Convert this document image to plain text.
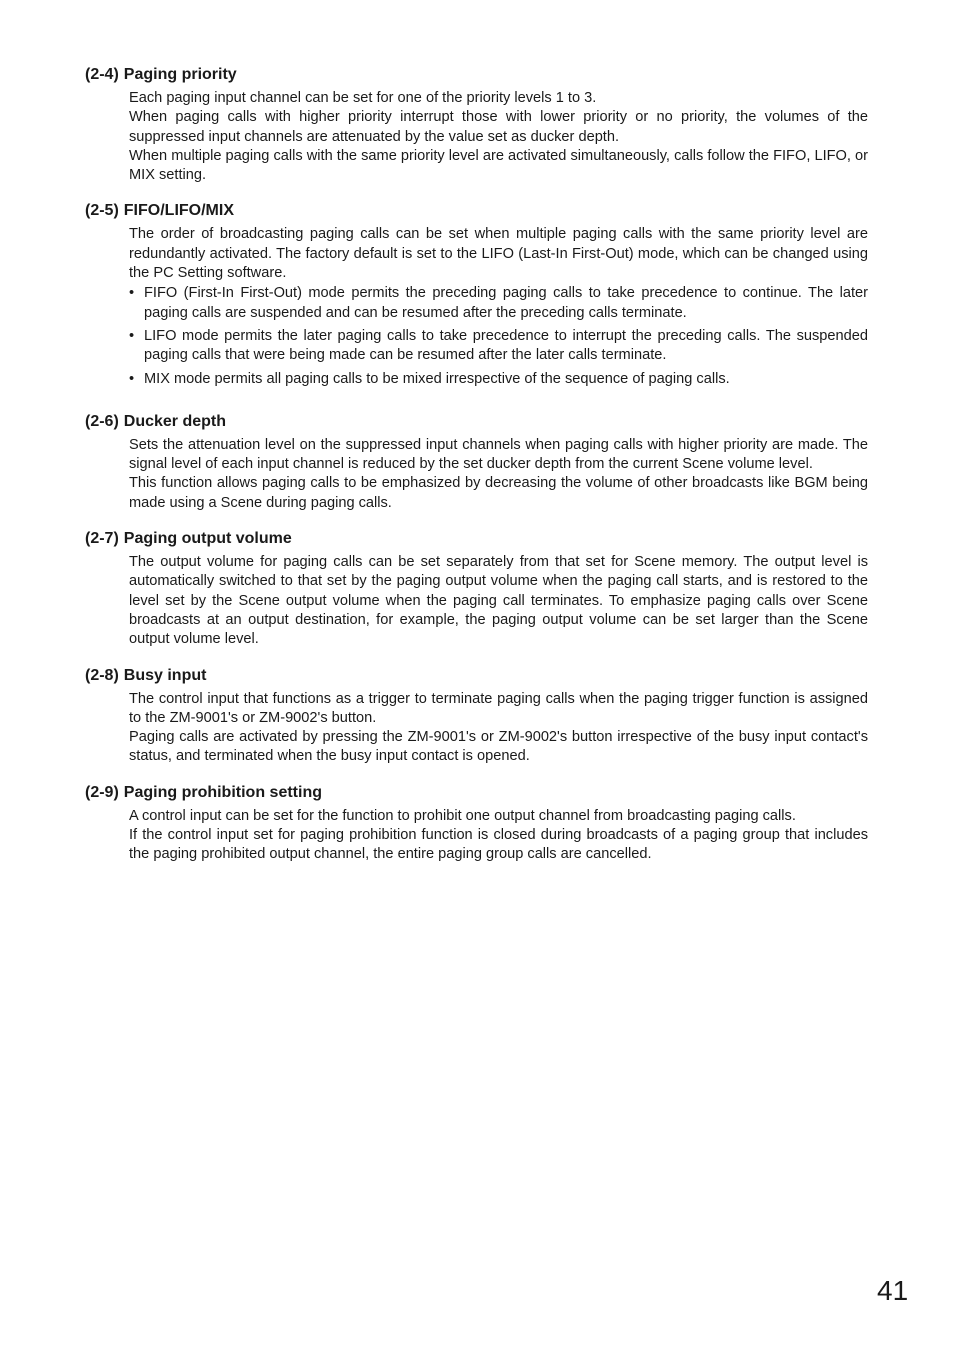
(2-4) Paging priority

Each paging input channel can be set for one of the priority levels 1 to 3.

When paging calls with higher priority interrupt those with lower priority or no priority, the volumes of the suppressed input channels are attenuated by the value set as ducker depth.

When multiple paging calls with the same priority level are activated simultaneously, calls follow the FIFO, LIFO, or MIX setting.

(2-5) FIFO/LIFO/MIX

The order of broadcasting paging calls can be set when multiple paging calls with the same priority level are redundantly activated. The factory default is set to the LIFO (Last-In First-Out) mode, which can be changed using the PC Setting software.

• FIFO (First-In First-Out) mode permits the preceding paging calls to take precedence to continue. The later paging calls are suspended and can be resumed after the preceding calls terminate.
• LIFO mode permits the later paging calls to take precedence to interrupt the preceding calls. The suspended paging calls that were being made can be resumed after the later calls terminate.
• MIX mode permits all paging calls to be mixed irrespective of the sequence of paging calls.
(2-6) Ducker depth

Sets the attenuation level on the suppressed input channels when paging calls with higher priority are made. The signal level of each input channel is reduced by the set ducker depth from the current Scene volume level.

This function allows paging calls to be emphasized by decreasing the volume of other broadcasts like BGM being made using a Scene during paging calls.

(2-7) Paging output volume

The output volume for paging calls can be set separately from that set for Scene memory. The output level is automatically switched to that set by the paging output volume when the paging call starts, and is restored to the level set by the Scene output volume when the paging call terminates. To emphasize paging calls over Scene broadcasts at an output destination, for example, the paging output volume can be set larger than the Scene output volume level.

(2-8) Busy input

The control input that functions as a trigger to terminate paging calls when the paging trigger function is assigned to the ZM-9001's or ZM-9002's button.

Paging calls are activated by pressing the ZM-9001's or ZM-9002's button irrespective of the busy input contact's status, and terminated when the busy input contact is opened.

(2-9) Paging prohibition setting

A control input can be set for the function to prohibit one output channel from broadcasting paging calls.

If the control input set for paging prohibition function is closed during broadcasts of a paging group that includes the paging prohibited output channel, the entire paging group calls are cancelled.

41
